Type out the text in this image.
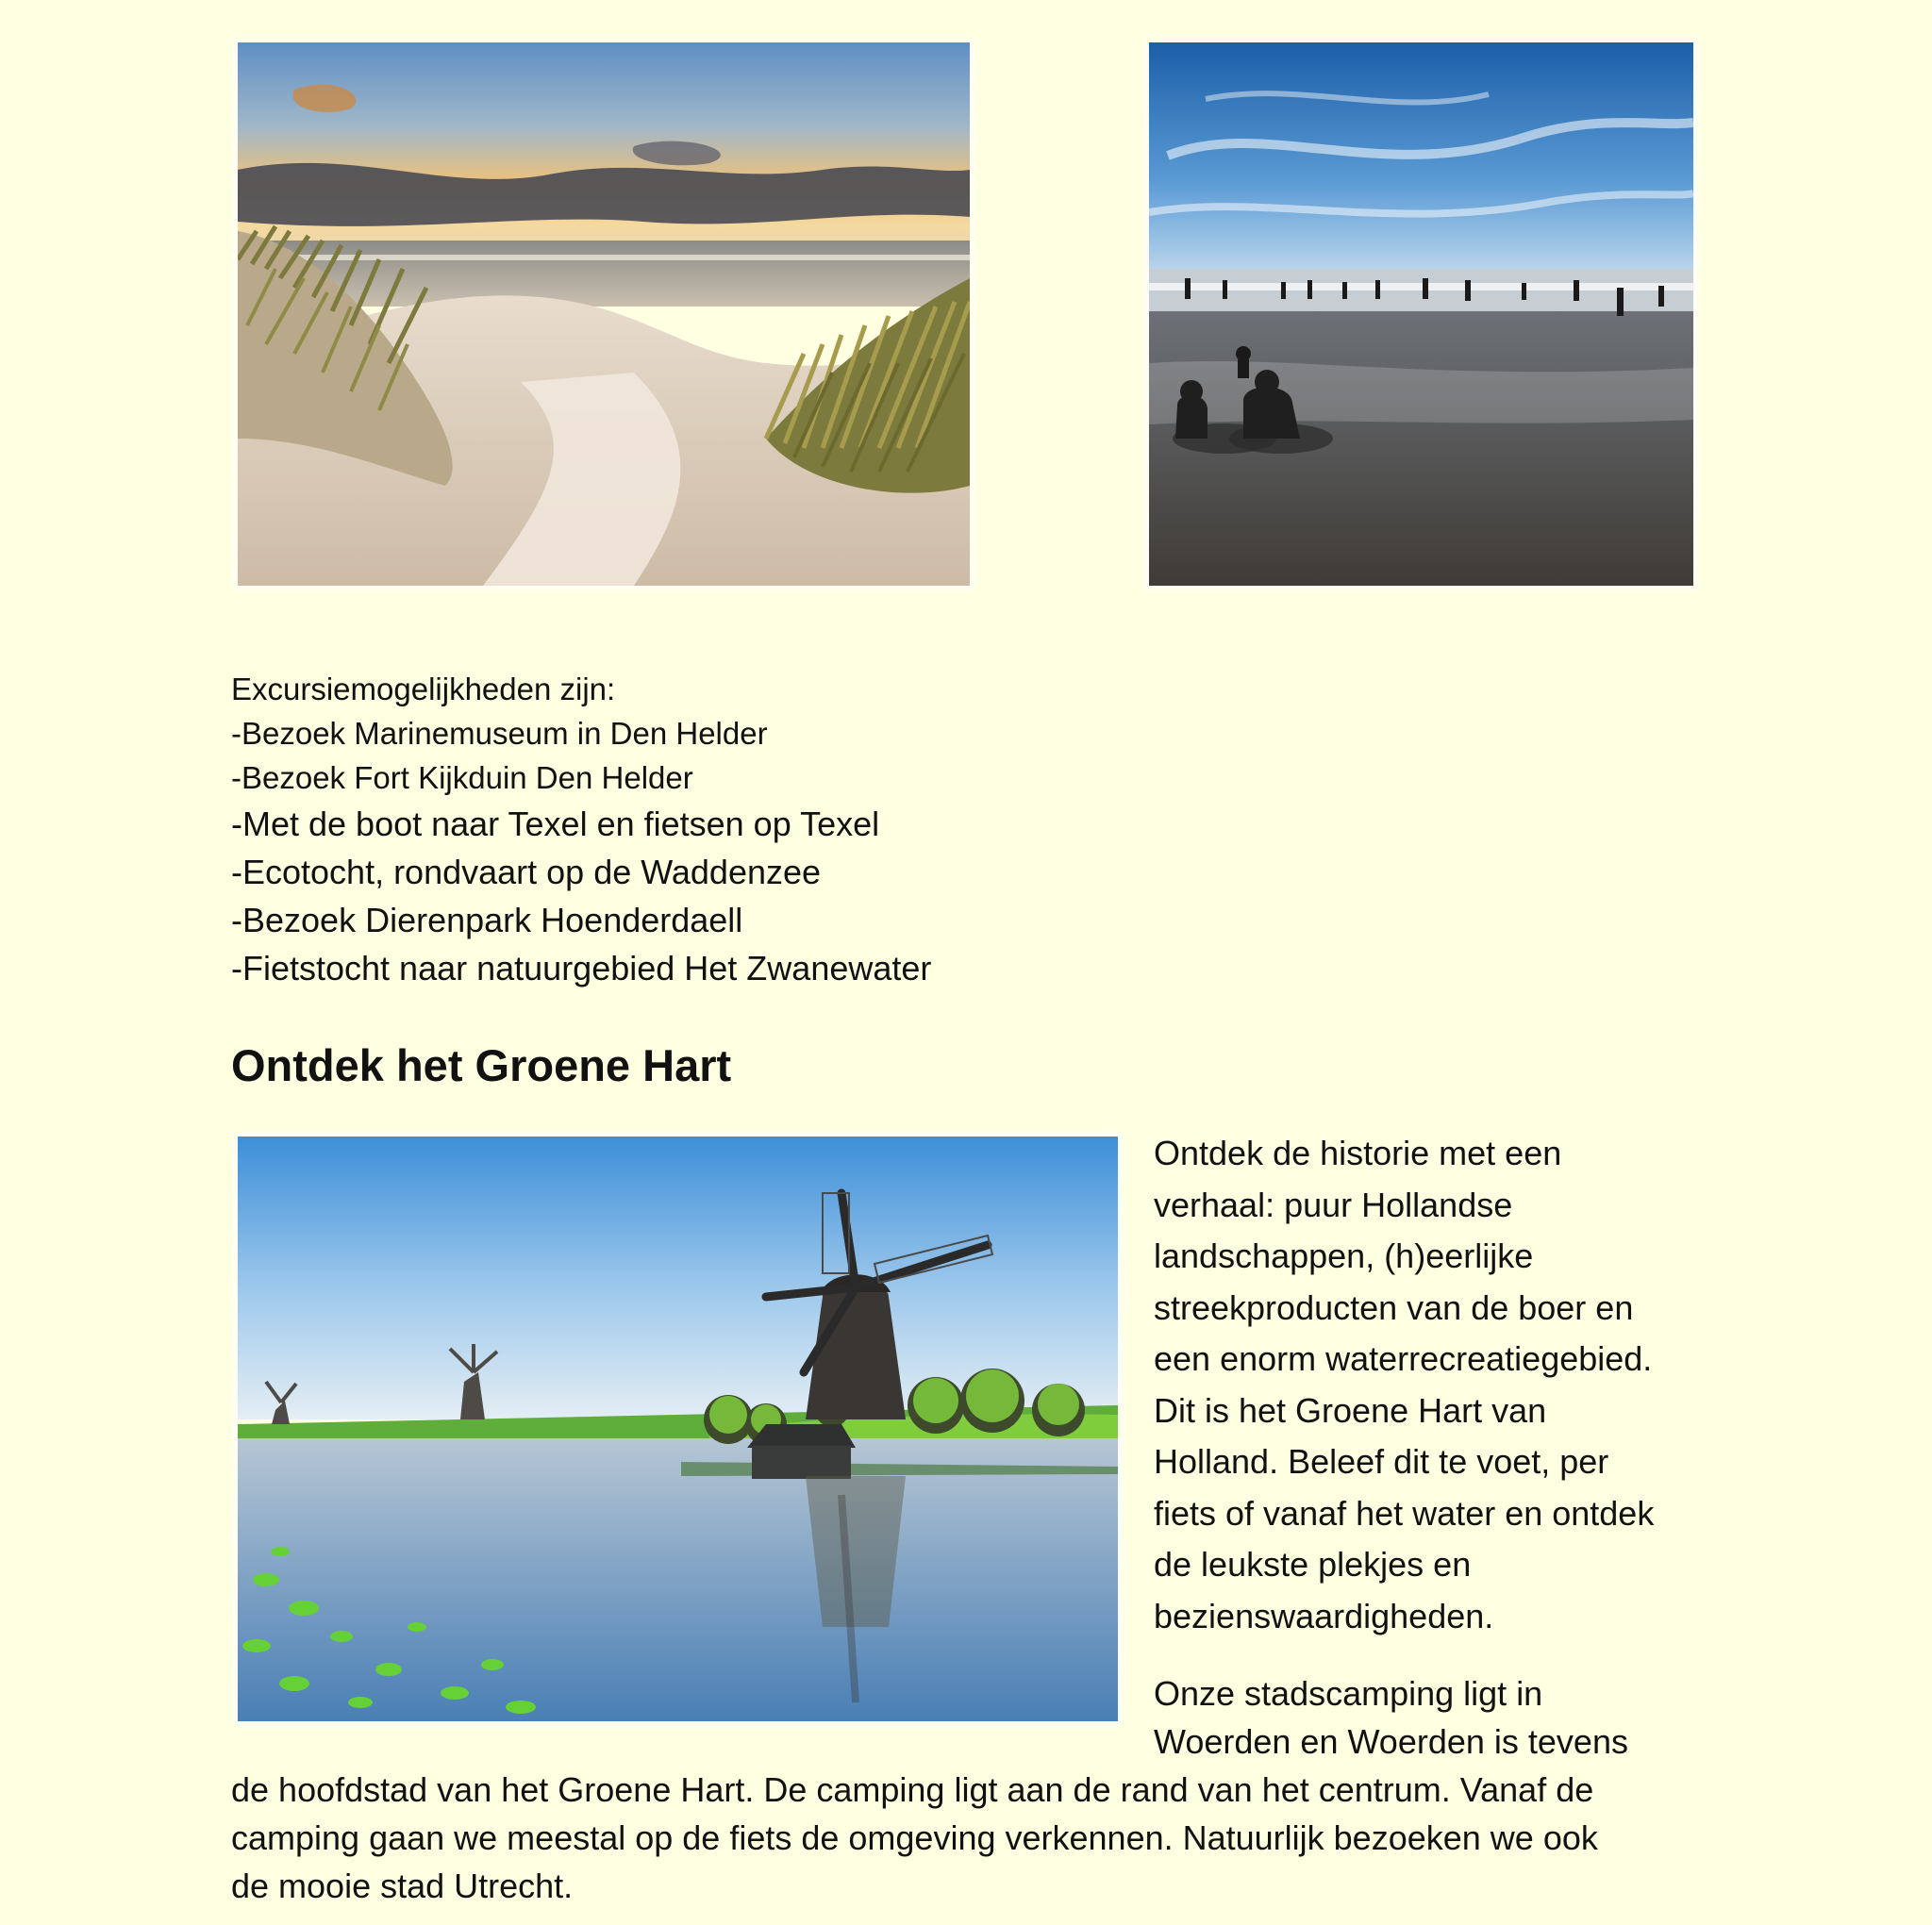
Excursiemogelijkheden zijn:
-Bezoek Marinemuseum in Den Helder
-Bezoek Fort Kijkduin Den Helder
-Met de boot naar Texel en fietsen op Texel
-Ecotocht, rondvaart op de Waddenzee
-Bezoek Dierenpark Hoenderdaell
-Fietstocht naar natuurgebied Het Zwanewater
Ontdek het Groene Hart
Ontdek de historie met een
verhaal: puur Hollandse
landschappen, (h)eerlijke
streekproducten van de boer en
een enorm waterrecreatiegebied.
Dit is het Groene Hart van
Holland. Beleef dit te voet, per
fiets of vanaf het water en ontdek
de leukste plekjes en
bezienswaardigheden.
Onze stadscamping ligt in
Woerden en Woerden is tevens
de hoofdstad van het Groene Hart. De camping ligt aan de rand van het centrum. Vanaf de
camping gaan we meestal op de fiets de omgeving verkennen. Natuurlijk bezoeken we ook
de mooie stad Utrecht.
